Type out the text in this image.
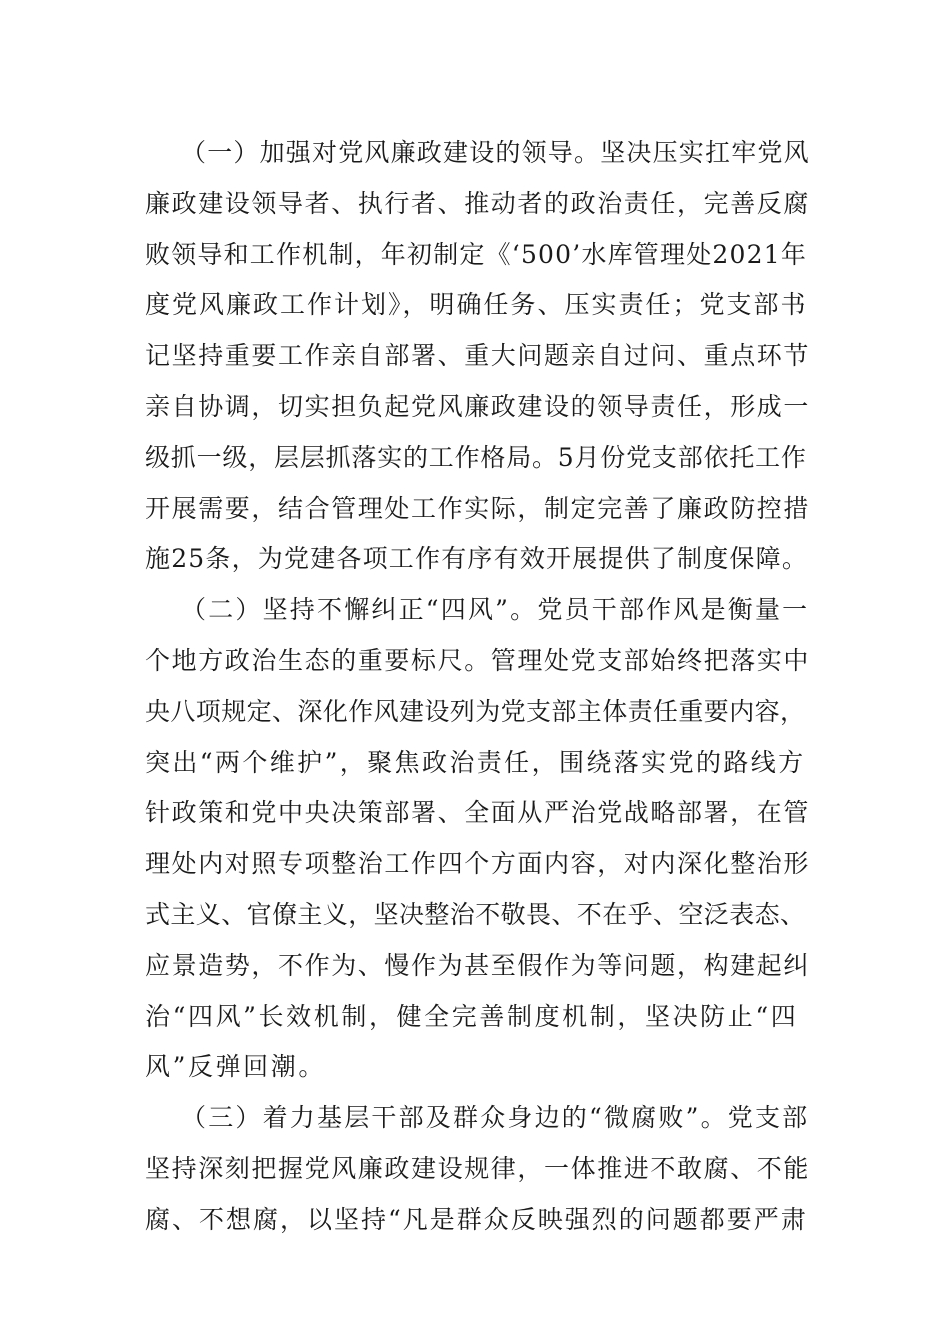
（一）加强对党风廉政建设的领导。坚决压实扛牢党风
廉政建设领导者、执行者、推动者的政治责任，完善反腐
败领导和工作机制，年初制定《‘500’水库管理处2021年
度党风廉政工作计划》，明确任务、压实责任；党支部书
记坚持重要工作亲自部署、重大问题亲自过问、重点环节
亲自协调，切实担负起党风廉政建设的领导责任，形成一
级抓一级，层层抓落实的工作格局。5月份党支部依托工作
开展需要，结合管理处工作实际，制定完善了廉政防控措
施25条，为党建各项工作有序有效开展提供了制度保障。
（二）坚持不懈纠正“四风”。党员干部作风是衡量一
个地方政治生态的重要标尺。管理处党支部始终把落实中
央八项规定、深化作风建设列为党支部主体责任重要内容，
突出“两个维护”，聚焦政治责任，围绕落实党的路线方
针政策和党中央决策部署、全面从严治党战略部署，在管
理处内对照专项整治工作四个方面内容，对内深化整治形
式主义、官僚主义，坚决整治不敬畏、不在乎、空泛表态、
应景造势，不作为、慢作为甚至假作为等问题，构建起纠
治“四风”长效机制，健全完善制度机制，坚决防止“四
风”反弹回潮。
（三）着力基层干部及群众身边的“微腐败”。党支部
坚持深刻把握党风廉政建设规律，一体推进不敢腐、不能
腐、不想腐，以坚持“凡是群众反映强烈的问题都要严肃
